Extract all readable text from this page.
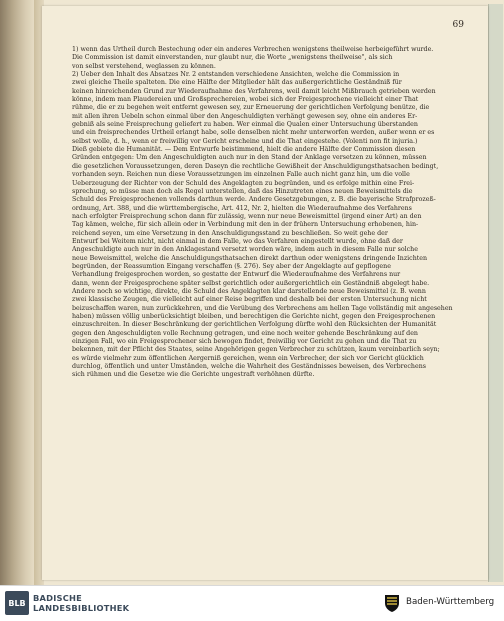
69

1) wenn das Urtheil durch Bestechung oder ein anderes Verbrechen wenigstens theilweise herbeigeführt wurde.

Die Commission ist damit einverstanden, nur glaubt nur, die Worte „wenigstens theilweise", als sich

von selbst verstehend, weglassen zu können.

2) Ueber den Inhalt des Absatzes Nr. 2 entstanden verschiedene Ansichten, welche die Commission in

zwei gleiche Theile spalteten. Die eine Hälfte der Mitglieder hält das außergerichtliche Geständniß für

keinen hinreichenden Grund zur Wiederaufnahme des Verfahrens, weil damit leicht Mißbrauch getrieben werden

könne, indem man Plaudereien und Großsprechereien, wobei sich der Freigesprochene vielleicht einer That

rühme, die er zu begehen weit entfernt gewesen sey, zur Erneuerung der gerichtlichen Verfolgung benütze, die

mit allen ihren Uebeln schon einmal über den Angeschuldigten verhängt gewesen sey, ohne ein anderes Er-

gebniß als seine Freisprechung geliefert zu haben. Wer einmal die Qualen einer Untersuchung überstanden

und ein freisprechendes Urtheil erlangt habe, solle denselben nicht mehr unterworfen werden, außer wenn er es

selbst wolle, d. h., wenn er freiwillig vor Gericht erscheine und die That eingestehe. (Volenti non fit injuria.)

Dieß gebiete die Humanität. — Dem Entwurfe beistimmend, hielt die andere Hälfte der Commission diesen

Gründen entgegen: Um den Angeschuldigten auch nur in den Stand der Anklage versetzen zu können, müssen

die gesetzlichen Voraussetzungen, deren Daseyn die rechtliche Gewißheit der Anschuldigungsthatsachen bedingt,

vorhanden seyn. Reichen nun diese Voraussetzungen im einzelnen Falle auch nicht ganz hin, um die volle

Ueberzeugung der Richter von der Schuld des Angeklagten zu begründen, und es erfolge mithin eine Frei-

sprechung, so müsse man doch als Regel unterstellen, daß das Hinzutreten eines neuen Beweismittels die

Schuld des Freigesprochenen vollends darthun werde. Andere Gesetzgebungen, z. B. die bayerische Strafprozeß-

ordnung, Art. 388, und die württembergische, Art. 412, Nr. 2, hielten die Wiederaufnahme des Verfahrens

nach erfolgter Freisprechung schon dann für zulässig, wenn nur neue Beweismittel (irgend einer Art) an den

Tag kämen, welche, für sich allein oder in Verbindung mit den in der frühern Untersuchung erhobenen, hin-

reichend seyen, um eine Versetzung in den Anschuldigungsstand zu beschließen. So weit gehe der

Entwurf bei Weitem nicht, nicht einmal in dem Falle, wo das Verfahren eingestellt wurde, ohne daß der

Angeschuldigte auch nur in den Anklagestand versetzt worden wäre, indem auch in diesem Falle nur solche

neue Beweismittel, welche die Anschuldigungsthatsachen direkt darthun oder wenigstens dringende Inzichten

begründen, der Reassumtion Eingang verschaffen (§. 276). Sey aber der Angeklagte auf gepflogene

Verhandlung freigesprochen worden, so gestatte der Entwurf die Wiederaufnahme des Verfahrens nur

dann, wenn der Freigesprochene später selbst gerichtlich oder außergerichtlich ein Geständniß abgelegt habe.

Andere noch so wichtige, direkte, die Schuld des Angeklagten klar darstellende neue Beweismittel (z. B. wenn

zwei klassische Zeugen, die vielleicht auf einer Reise begriffen und deshalb bei der ersten Untersuchung nicht

beizuschaffen waren, nun zurückkehren, und die Verübung des Verbrechens am hellen Tage vollständig mit angesehen

haben) müssen völlig unberücksichtigt bleiben, und berechtigen die Gerichte nicht, gegen den Freigesprochenen

einzuschreiten. In dieser Beschränkung der gerichtlichen Verfolgung dürfte wohl den Rücksichten der Humanität

gegen den Angeschuldigten volle Rechnung getragen, und eine noch weiter gehende Beschränkung auf den

einzigen Fall, wo ein Freigesprochener sich bewogen findet, freiwillig vor Gericht zu gehen und die That zu

bekennen, mit der Pflicht des Staates, seine Angehörigen gegen Verbrecher zu schützen, kaum vereinbarlich seyn;

es würde vielmehr zum öffentlichen Aergerniß gereichen, wenn ein Verbrecher, der sich vor Gericht glücklich

durchlog, öffentlich und unter Umständen, welche die Wahrheit des Geständnisses beweisen, des Verbrechens

sich rühmen und die Gesetze wie die Gerichte ungestraft verhöhnen dürfte.

BLB BADISCHE
LANDESBIBLIOTHEK
Baden-Württemberg
